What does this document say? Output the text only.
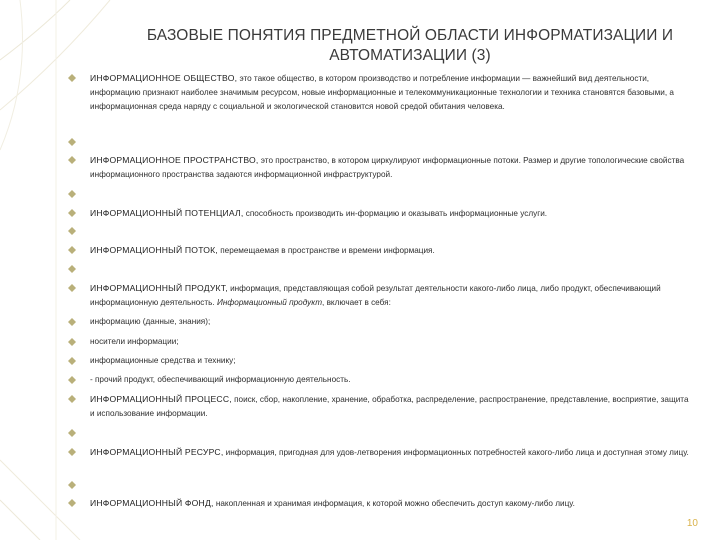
БАЗОВЫЕ ПОНЯТИЯ ПРЕДМЕТНОЙ ОБЛАСТИ ИНФОРМАТИЗАЦИИ И
АВТОМАТИЗАЦИИ (3)
ИНФОРМАЦИОННОЕ ОБЩЕСТВО, это такое общество, в котором производство и потребление информации — важнейший вид деятельности, информацию признают наиболее значимым ресурсом, новые информационные и телекоммуникационные технологии и техника становятся базовыми, а информационная среда наряду с социальной и экологической становится новой средой обитания человека.
ИНФОРМАЦИОННОЕ ПРОСТРАНСТВО, это пространство, в котором циркулируют информационные потоки. Размер и другие топологические свойства информационного пространства задаются информационной инфраструктурой.
ИНФОРМАЦИОННЫЙ ПОТЕНЦИАЛ, способность производить ин-формацию и оказывать информационные услуги.
ИНФОРМАЦИОННЫЙ ПОТОК, перемещаемая в пространстве и времени информация.
ИНФОРМАЦИОННЫЙ ПРОДУКТ, информация, представляющая собой результат деятельности какого-либо лица, либо продукт, обеспечивающий информационную деятельность. Информационный продукт, включает в себя:
информацию (данные, знания);
носители информации;
информационные средства и технику;
- прочий продукт, обеспечивающий информационную деятельность.
ИНФОРМАЦИОННЫЙ ПРОЦЕСС, поиск, сбор, накопление, хранение, обработка, распределение, распространение, представление, восприятие, защита и использование информации.
ИНФОРМАЦИОННЫЙ РЕСУРС, информация, пригодная для удов-летворения информационных потребностей какого-либо лица и доступная этому лицу.
ИНФОРМАЦИОННЫЙ ФОНД, накопленная и хранимая информация, к которой можно обеспечить доступ какому-либо лицу.
10
